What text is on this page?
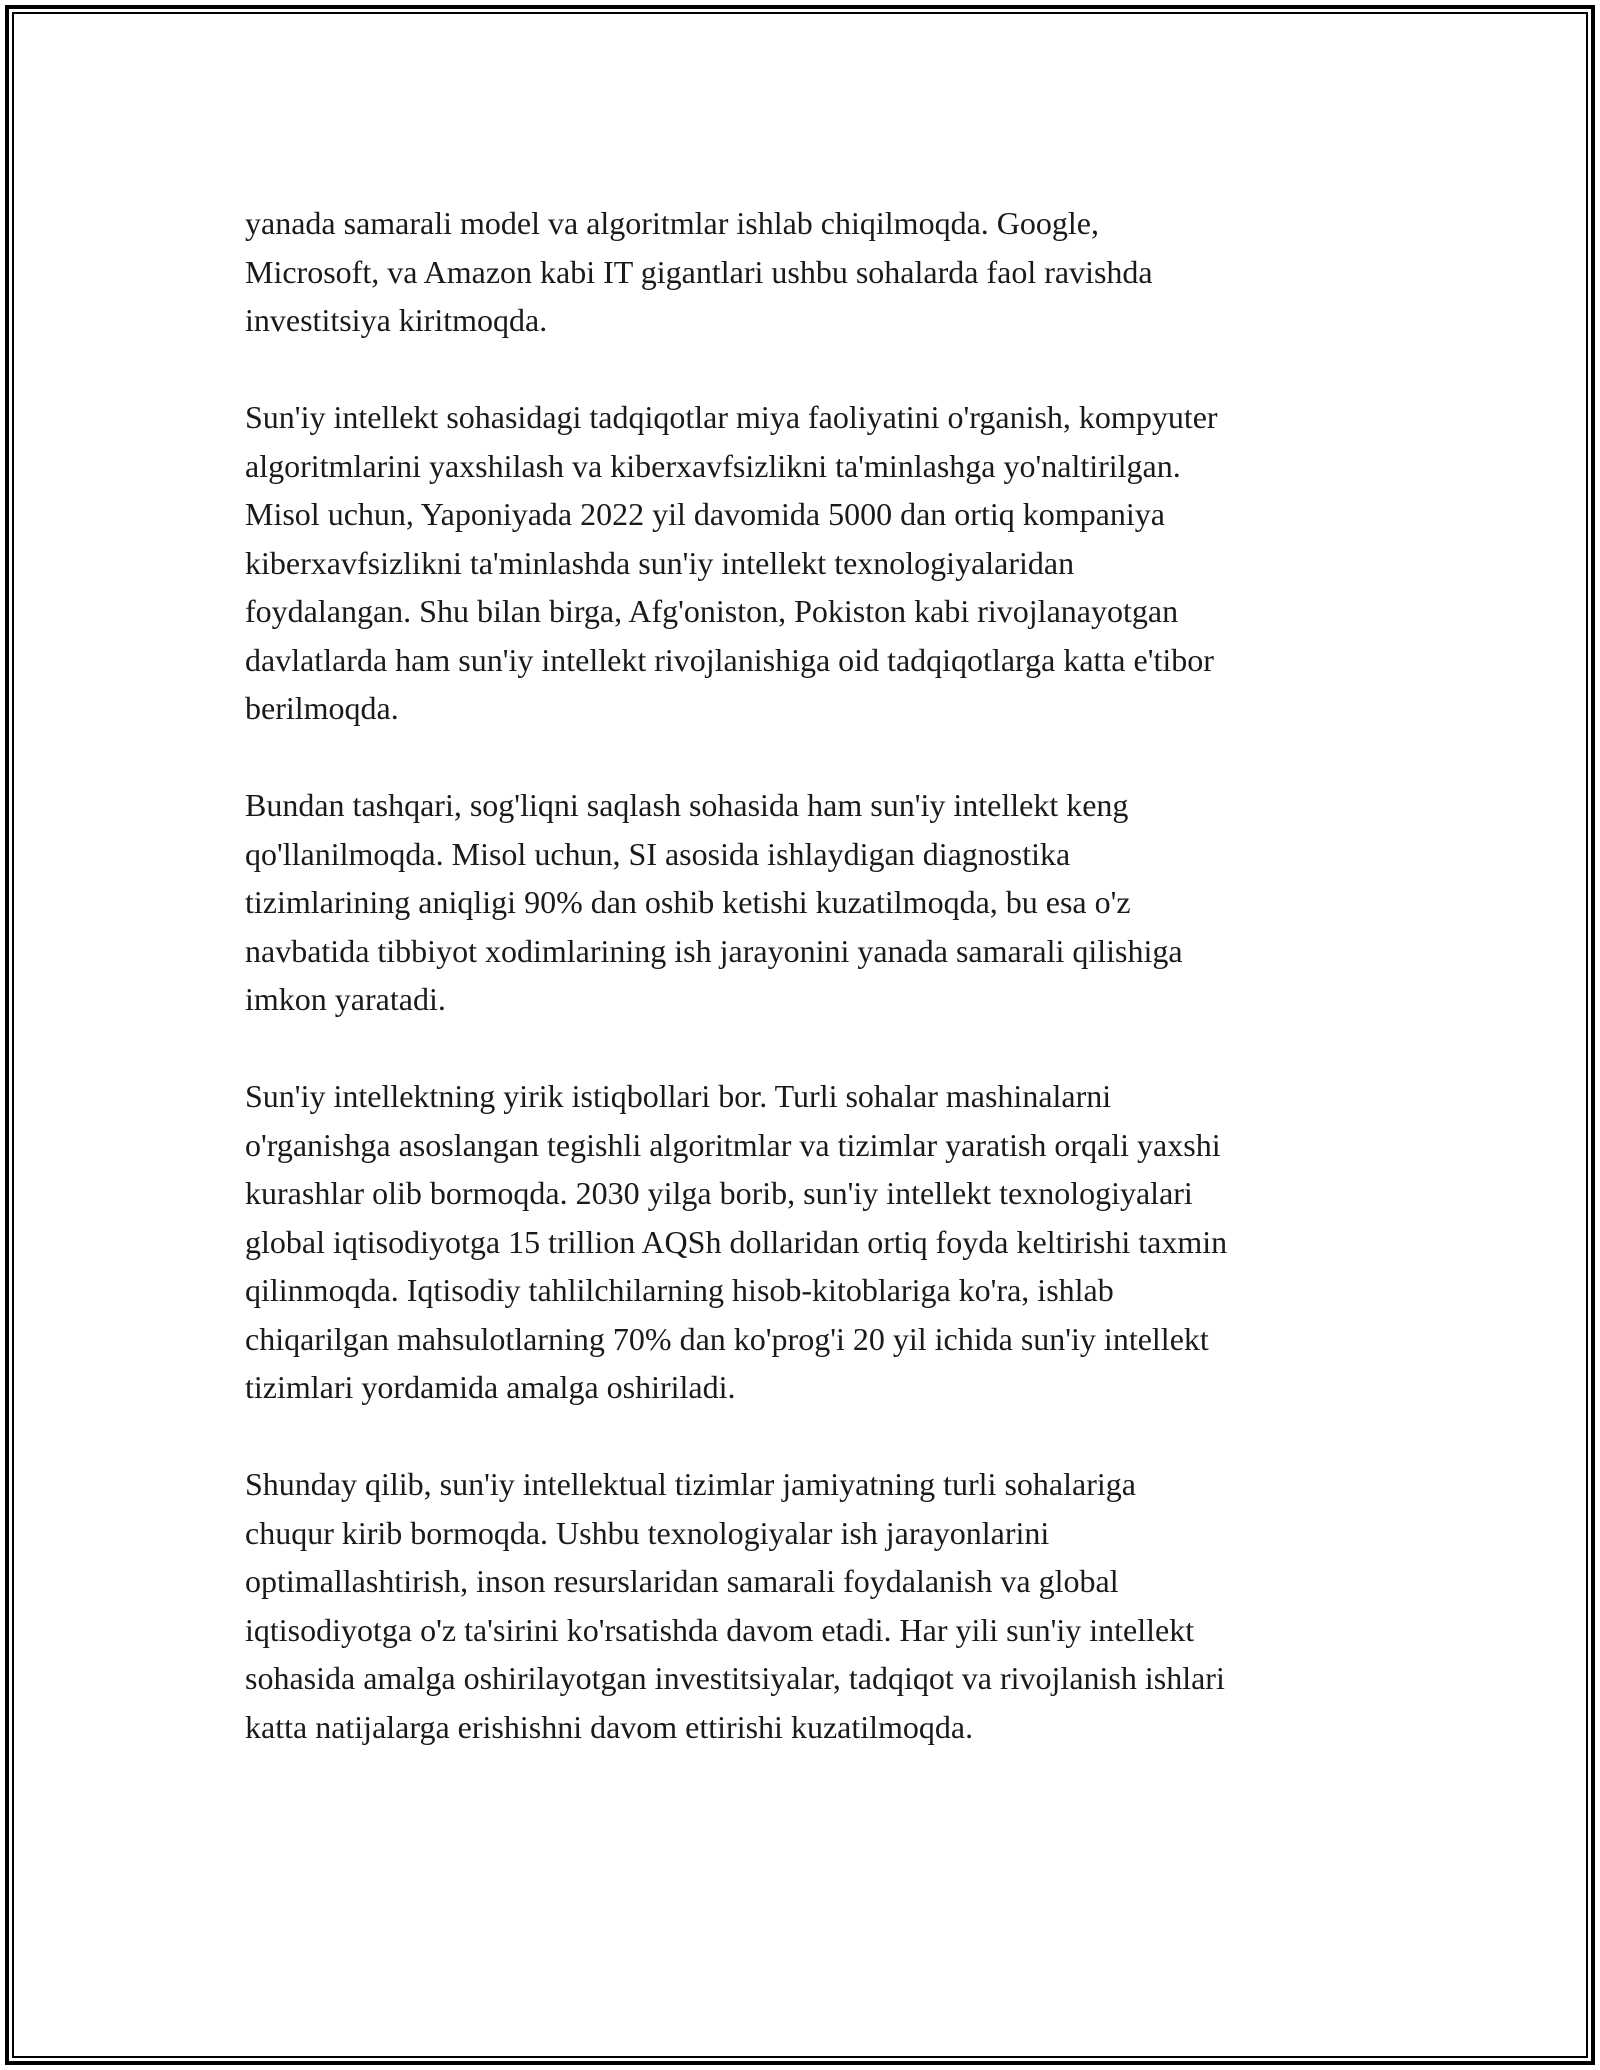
yanada samarali model va algoritmlar ishlab chiqilmoqda. Google,
Microsoft, va Amazon kabi IT gigantlari ushbu sohalarda faol ravishda
investitsiya kiritmoqda.

Sun'iy intellekt sohasidagi tadqiqotlar miya faoliyatini o'rganish, kompyuter
algoritmlarini yaxshilash va kiberxavfsizlikni ta'minlashga yo'naltirilgan.
Misol uchun, Yaponiyada 2022 yil davomida 5000 dan ortiq kompaniya
kiberxavfsizlikni ta'minlashda sun'iy intellekt texnologiyalaridan
foydalangan. Shu bilan birga, Afg'oniston, Pokiston kabi rivojlanayotgan
davlatlarda ham sun'iy intellekt rivojlanishiga oid tadqiqotlarga katta e'tibor
berilmoqda.

Bundan tashqari, sog'liqni saqlash sohasida ham sun'iy intellekt keng
qo'llanilmoqda. Misol uchun, SI asosida ishlaydigan diagnostika
tizimlarining aniqligi 90% dan oshib ketishi kuzatilmoqda, bu esa o'z
navbatida tibbiyot xodimlarining ish jarayonini yanada samarali qilishiga
imkon yaratadi.

Sun'iy intellektning yirik istiqbollari bor. Turli sohalar mashinalarni
o'rganishga asoslangan tegishli algoritmlar va tizimlar yaratish orqali yaxshi
kurashlar olib bormoqda. 2030 yilga borib, sun'iy intellekt texnologiyalari
global iqtisodiyotga 15 trillion AQSh dollaridan ortiq foyda keltirishi taxmin
qilinmoqda. Iqtisodiy tahlilchilarning hisob-kitoblariga ko'ra, ishlab
chiqarilgan mahsulotlarning 70% dan ko'prog'i 20 yil ichida sun'iy intellekt
tizimlari yordamida amalga oshiriladi.

Shunday qilib, sun'iy intellektual tizimlar jamiyatning turli sohalariga
chuqur kirib bormoqda. Ushbu texnologiyalar ish jarayonlarini
optimallashtirish, inson resurslaridan samarali foydalanish va global
iqtisodiyotga o'z ta'sirini ko'rsatishda davom etadi. Har yili sun'iy intellekt
sohasida amalga oshirilayotgan investitsiyalar, tadqiqot va rivojlanish ishlari
katta natijalarga erishishni davom ettirishi kuzatilmoqda.
